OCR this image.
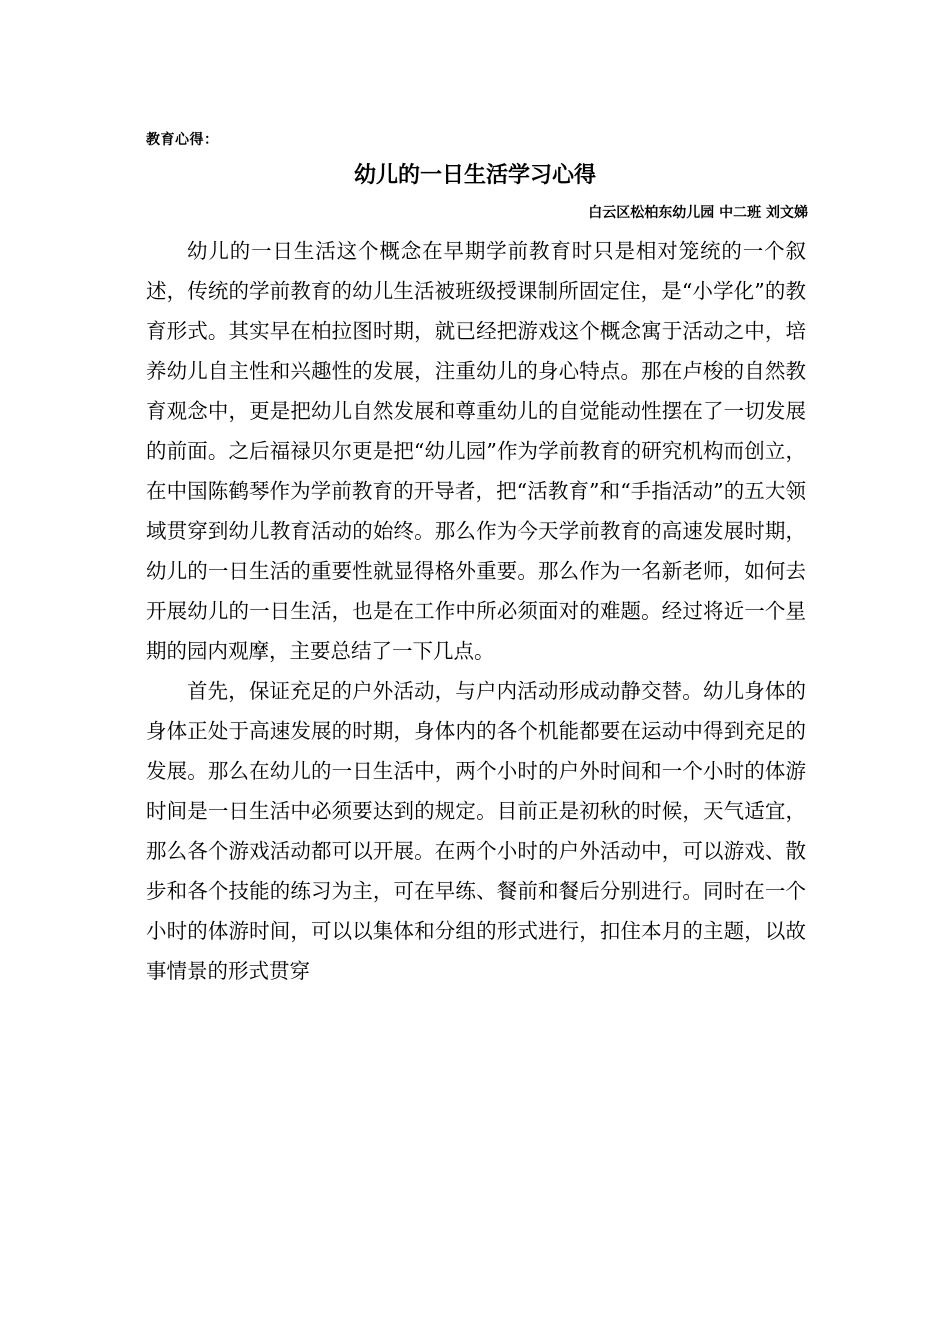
教育心得：
幼儿的一日生活学习心得
白云区松柏东幼儿园 中二班 刘文娣

幼儿的一日生活这个概念在早期学前教育时只是相对笼统的一个叙述，传统的学前教育的幼儿生活被班级授课制所固定住，是“小学化”的教育形式。其实早在柏拉图时期，就已经把游戏这个概念寓于活动之中，培养幼儿自主性和兴趣性的发展，注重幼儿的身心特点。那在卢梭的自然教育观念中，更是把幼儿自然发展和尊重幼儿的自觉能动性摆在了一切发展的前面。之后福禄贝尔更是把“幼儿园”作为学前教育的研究机构而创立，在中国陈鹤琴作为学前教育的开导者，把“活教育”和“手指活动”的五大领域贯穿到幼儿教育活动的始终。那么作为今天学前教育的高速发展时期，幼儿的一日生活的重要性就显得格外重要。那么作为一名新老师，如何去开展幼儿的一日生活，也是在工作中所必须面对的难题。经过将近一个星期的园内观摩，主要总结了一下几点。

首先，保证充足的户外活动，与户内活动形成动静交替。幼儿身体的身体正处于高速发展的时期，身体内的各个机能都要在运动中得到充足的发展。那么在幼儿的一日生活中，两个小时的户外时间和一个小时的体游时间是一日生活中必须要达到的规定。目前正是初秋的时候，天气适宜，那么各个游戏活动都可以开展。在两个小时的户外活动中，可以游戏、散步和各个技能的练习为主，可在早练、餐前和餐后分别进行。同时在一个小时的体游时间，可以以集体和分组的形式进行，扣住本月的主题，以故事情景的形式贯穿
